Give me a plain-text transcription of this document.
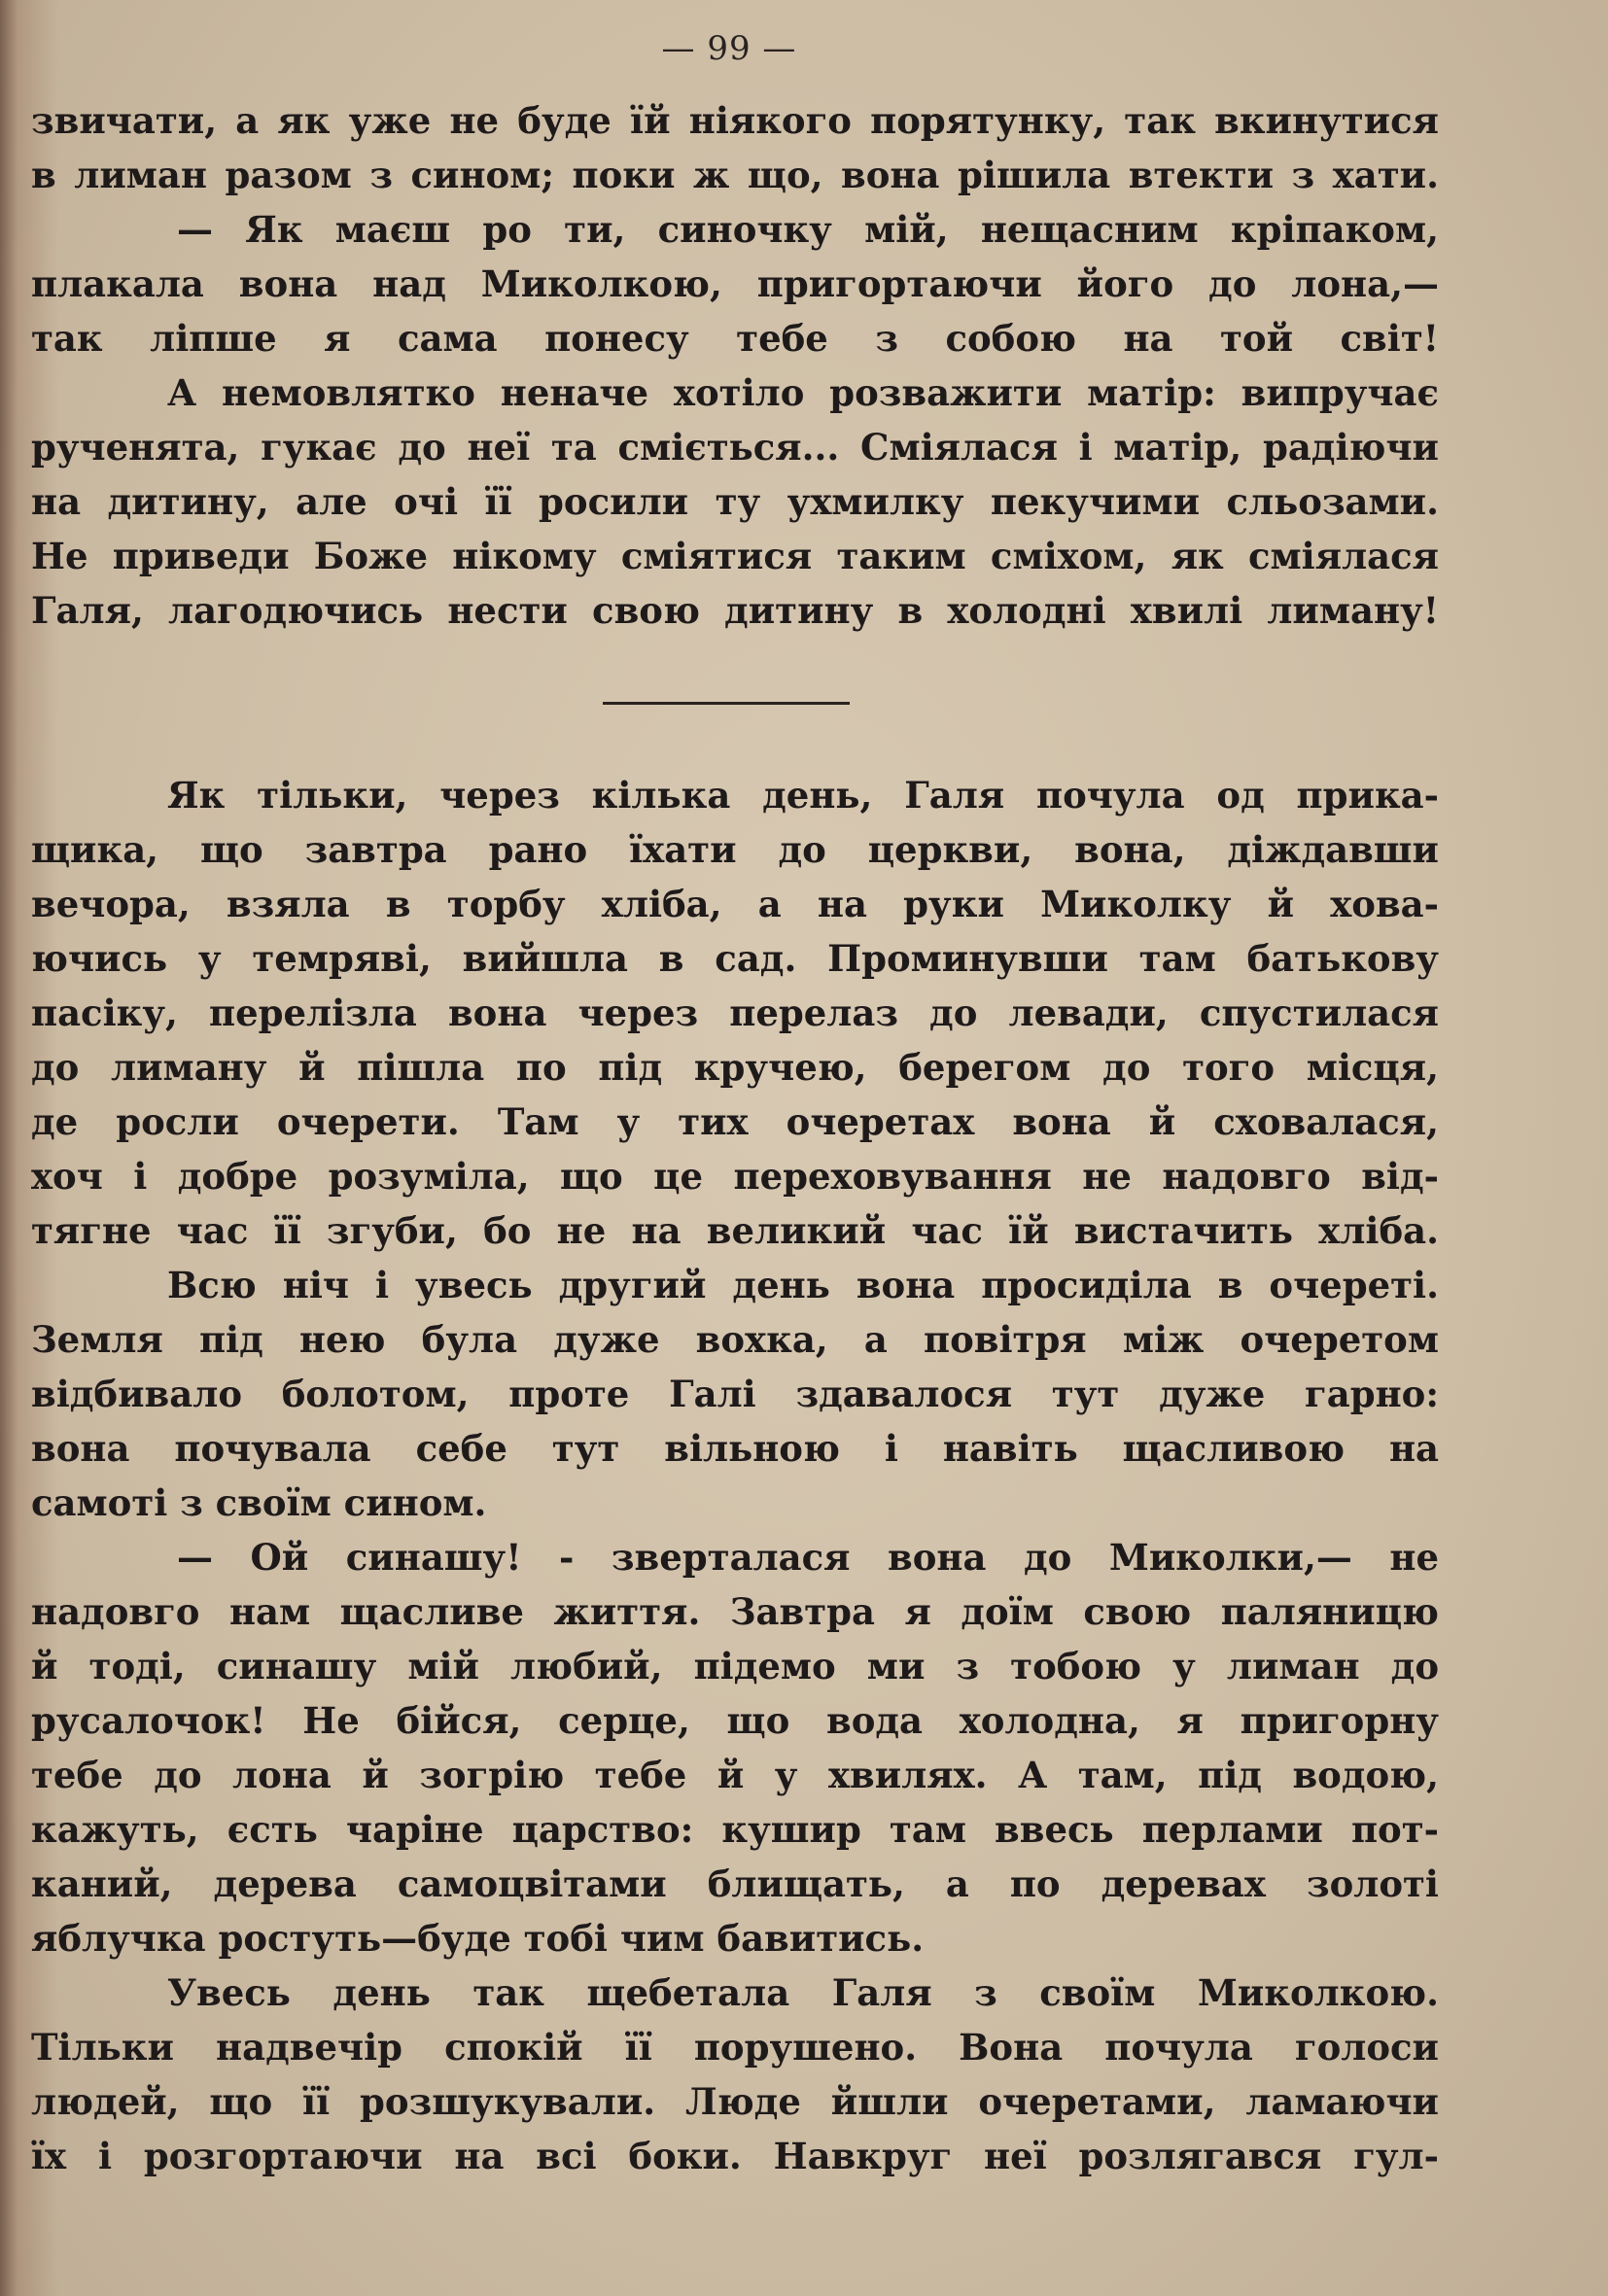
— 99 —
звичати, а як уже не буде їй ніякого порятунку, так вкинутися
в лиман разом з сином; поки ж що, вона рішила втекти з хати.
— Як маєш ро ти, синочку мій, нещасним кріпаком,
плакала вона над Миколкою, пригортаючи його до лона,—
так ліпше я сама понесу тебе з собою на той світ!
А немовлятко неначе хотіло розважити матір: випручає
рученята, гукає до неї та сміється... Сміялася і матір, радіючи
на дитину, але очі її росили ту ухмилку пекучими сльозами.
Не приведи Боже нікому сміятися таким сміхом, як сміялася
Галя, лагодючись нести свою дитину в холодні хвилі лиману!
Як тільки, через кілька день, Галя почула од прика-
щика, що завтра рано їхати до церкви, вона, діждавши
вечора, взяла в торбу хліба, а на руки Миколку й хова-
ючись у темряві, вийшла в сад. Проминувши там батькову
пасіку, перелізла вона через перелаз до левади, спустилася
до лиману й пішла по під кручею, берегом до того місця,
де росли очерети. Там у тих очеретах вона й сховалася,
хоч і добре розуміла, що це переховування не надовго від-
тягне час її згуби, бо не на великий час їй вистачить хліба.
Всю ніч і увесь другий день вона просиділа в очереті.
Земля під нею була дуже вохка, а повітря між очеретом
відбивало болотом, проте Галі здавалося тут дуже гарно:
вона почувала себе тут вільною і навіть щасливою на
самоті з своїм сином.
— Ой синашу! - зверталася вона до Миколки,— не
надовго нам щасливе життя. Завтра я доїм свою паляницю
й тоді, синашу мій любий, підемо ми з тобою у лиман до
русалочок! Не бійся, серце, що вода холодна, я пригорну
тебе до лона й зогрію тебе й у хвилях. А там, під водою,
кажуть, єсть чаріне царство: кушир там ввесь перлами пот-
каний, дерева самоцвітами блищать, а по деревах золоті
яблучка ростуть—буде тобі чим бавитись.
Увесь день так щебетала Галя з своїм Миколкою.
Тільки надвечір спокій її порушено. Вона почула голоси
людей, що її розшукували. Люде йшли очеретами, ламаючи
їх і розгортаючи на всі боки. Навкруг неї розлягався гул-
